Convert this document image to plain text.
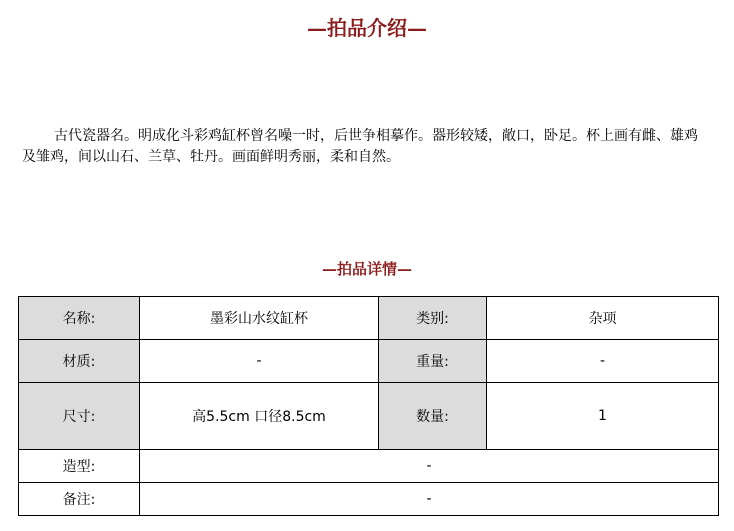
—拍品介绍—
古代瓷器名。明成化斗彩鸡缸杯曾名噪一时，后世争相摹作。器形较矮，敞口，卧足。杯上画有雌、雄鸡及雏鸡，间以山石、兰草、牡丹。画面鲜明秀丽，柔和自然。
—拍品详情—
名称:	墨彩山水纹缸杯	类别:	杂项
材质:	-	重量:	-
尺寸:	高5.5cm 口径8.5cm	数量:	1
造型:	-		
备注:	-		
